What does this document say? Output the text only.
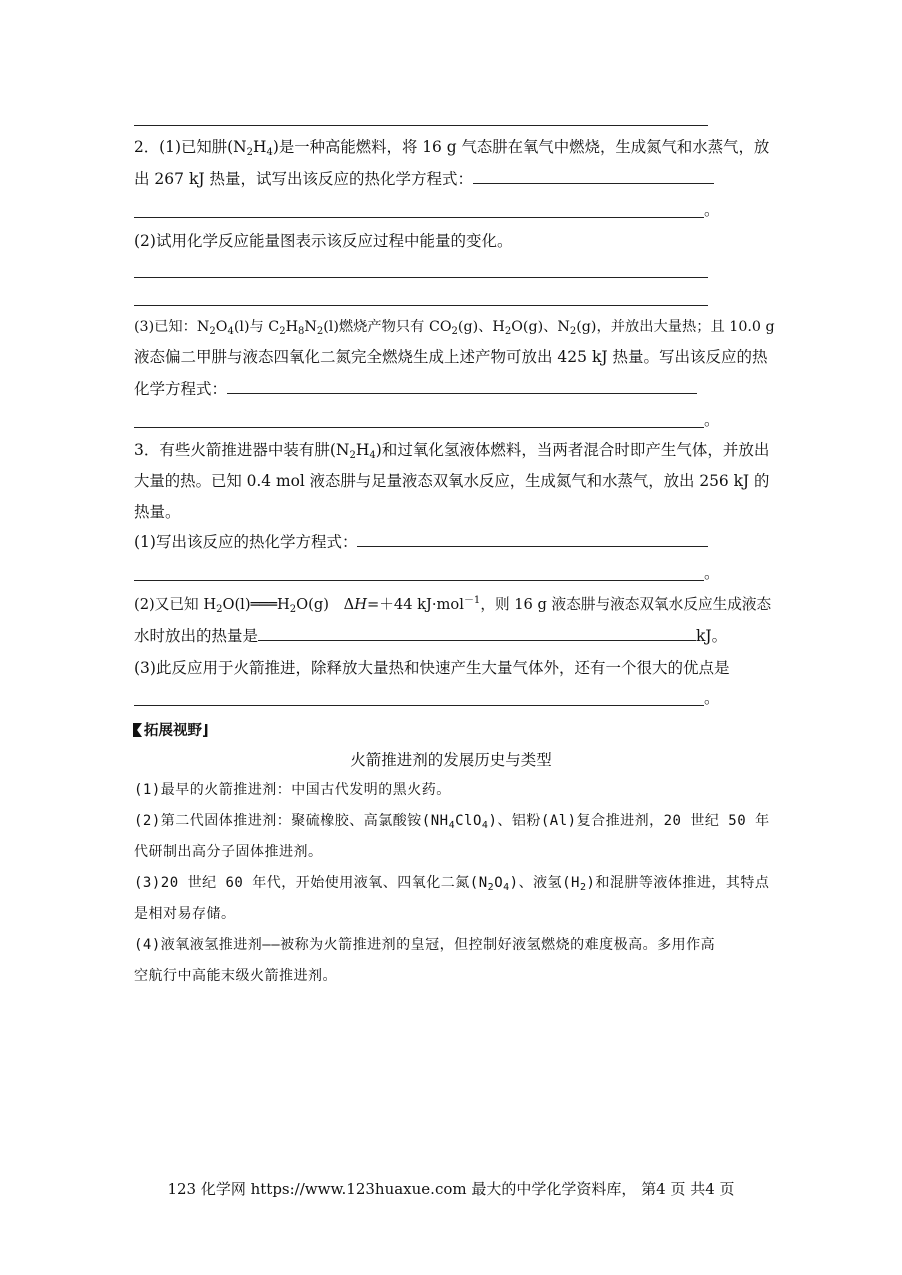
2．(1)已知肼$(N_2H_4)$是一种高能燃料，将 16 g 气态肼在氧气中燃烧，生成氮气和水蒸气，放
出 267 kJ 热量，试写出该反应的热化学方程式：
。
(2)试用化学反应能量图表示该反应过程中能量的变化。
(3)已知：$N_2O_4(l)$与 $C_2H_8N_2(l)$燃烧产物只有 $CO_2(g)$、$H_2O(g)$、$N_2(g)$，并放出大量热；且 10.0 g
液态偏二甲肼与液态四氧化二氮完全燃烧生成上述产物可放出 425 kJ 热量。写出该反应的热
化学方程式：
。
3．有些火箭推进器中装有肼$(N_2H_4)$和过氧化氢液体燃料，当两者混合时即产生气体，并放出
大量的热。已知 0.4 mol 液态肼与足量液态双氧水反应，生成氮气和水蒸气，放出 256 kJ 的
热量。
(1)写出该反应的热化学方程式：
。
(2)又已知 $H_2O(l)═══H_2O(g)$　ΔH=＋44 kJ·mol$^{-1}$，则 16 g 液态肼与液态双氧水反应生成液态
水时放出的热量是	kJ。
(3)此反应用于火箭推进，除释放大量热和快速产生大量气体外，还有一个很大的优点是
。
拓展视野⌋
火箭推进剂的发展历史与类型
(1)最早的火箭推进剂：中国古代发明的黑火药。
(2)第二代固体推进剂：聚硫橡胶、高氯酸铵$(NH_4ClO_4)$、铝粉(Al)复合推进剂，20 世纪 50 年
代研制出高分子固体推进剂。
(3)20 世纪 60 年代，开始使用液氧、四氧化二氮$(N_2O_4)$、液氢$(H_2)$和混肼等液体推进，其特点
是相对易存储。
(4)液氧液氢推进剂——被称为火箭推进剂的皇冠，但控制好液氢燃烧的难度极高。多用作高
空航行中高能末级火箭推进剂。
123 化学网 https://www.123huaxue.com 最大的中学化学资料库， 第4 页 共4 页
